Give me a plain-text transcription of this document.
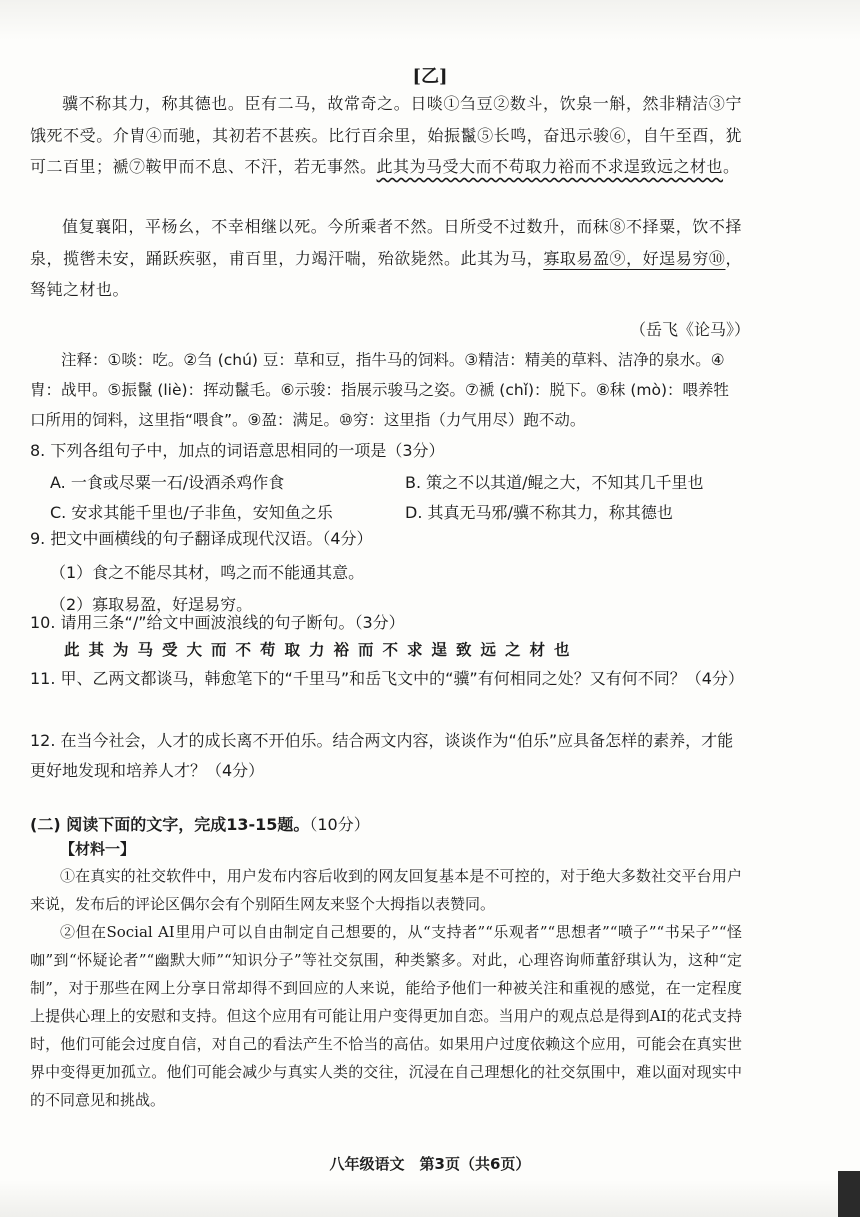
[乙]
骥不称其力，称其德也。臣有二马，故常奇之。日啖①刍豆②数斗，饮泉一斛，然非精洁③宁饿死不受。介胄④而驰，其初若不甚疾。比行百余里，始振鬣⑤长鸣，奋迅示骏⑥，自午至酉，犹可二百里；褫⑦鞍甲而不息、不汗，若无事然。此其为马受大而不苟取力裕而不求逞致远之材也。
值复襄阳，平杨幺，不幸相继以死。今所乘者不然。日所受不过数升，而秣⑧不择粟，饮不择泉，揽辔未安，踊跃疾驱，甫百里，力竭汗喘，殆欲毙然。此其为马，寡取易盈⑨，好逞易穷⑩，驽钝之材也。
（岳飞《论马》）
注释：①啖：吃。②刍 (chú) 豆：草和豆，指牛马的饲料。③精洁：精美的草料、洁净的泉水。④胄：战甲。⑤振鬣 (liè)：挥动鬣毛。⑥示骏：指展示骏马之姿。⑦褫 (chǐ)：脱下。⑧秣 (mò)：喂养牲口所用的饲料，这里指“喂食”。⑨盈：满足。⑩穷：这里指（力气用尽）跑不动。
8. 下列各组句子中，加点的词语意思相同的一项是（3分）
A. 一食或尽粟一石/设酒杀鸡作食	B. 策之不以其道/鲲之大，不知其几千里也
C. 安求其能千里也/子非鱼，安知鱼之乐	D. 其真无马邪/骥不称其力，称其德也
9. 把文中画横线的句子翻译成现代汉语。（4分）
（1）食之不能尽其材，鸣之而不能通其意。
（2）寡取易盈，好逞易穷。
10. 请用三条“/”给文中画波浪线的句子断句。（3分）
此其为马受大而不苟取力裕而不求逞致远之材也
11. 甲、乙两文都谈马，韩愈笔下的“千里马”和岳飞文中的“骥”有何相同之处？又有何不同？（4分）
12. 在当今社会，人才的成长离不开伯乐。结合两文内容，谈谈作为“伯乐”应具备怎样的素养，才能更好地发现和培养人才？（4分）
(二) 阅读下面的文字，完成13-15题。（10分）
【材料一】
①在真实的社交软件中，用户发布内容后收到的网友回复基本是不可控的，对于绝大多数社交平台用户来说，发布后的评论区偶尔会有个别陌生网友来竖个大拇指以表赞同。
②但在Social AI里用户可以自由制定自己想要的，从“支持者”“乐观者”“思想者”“喷子”“书呆子”“怪咖”到“怀疑论者”“幽默大师”“知识分子”等社交氛围，种类繁多。对此，心理咨询师董舒琪认为，这种“定制”，对于那些在网上分享日常却得不到回应的人来说，能给予他们一种被关注和重视的感觉，在一定程度上提供心理上的安慰和支持。但这个应用有可能让用户变得更加自恋。当用户的观点总是得到AI的花式支持时，他们可能会过度自信，对自己的看法产生不恰当的高估。如果用户过度依赖这个应用，可能会在真实世界中变得更加孤立。他们可能会减少与真实人类的交往，沉浸在自己理想化的社交氛围中，难以面对现实中的不同意见和挑战。
八年级语文　第3页（共6页）
